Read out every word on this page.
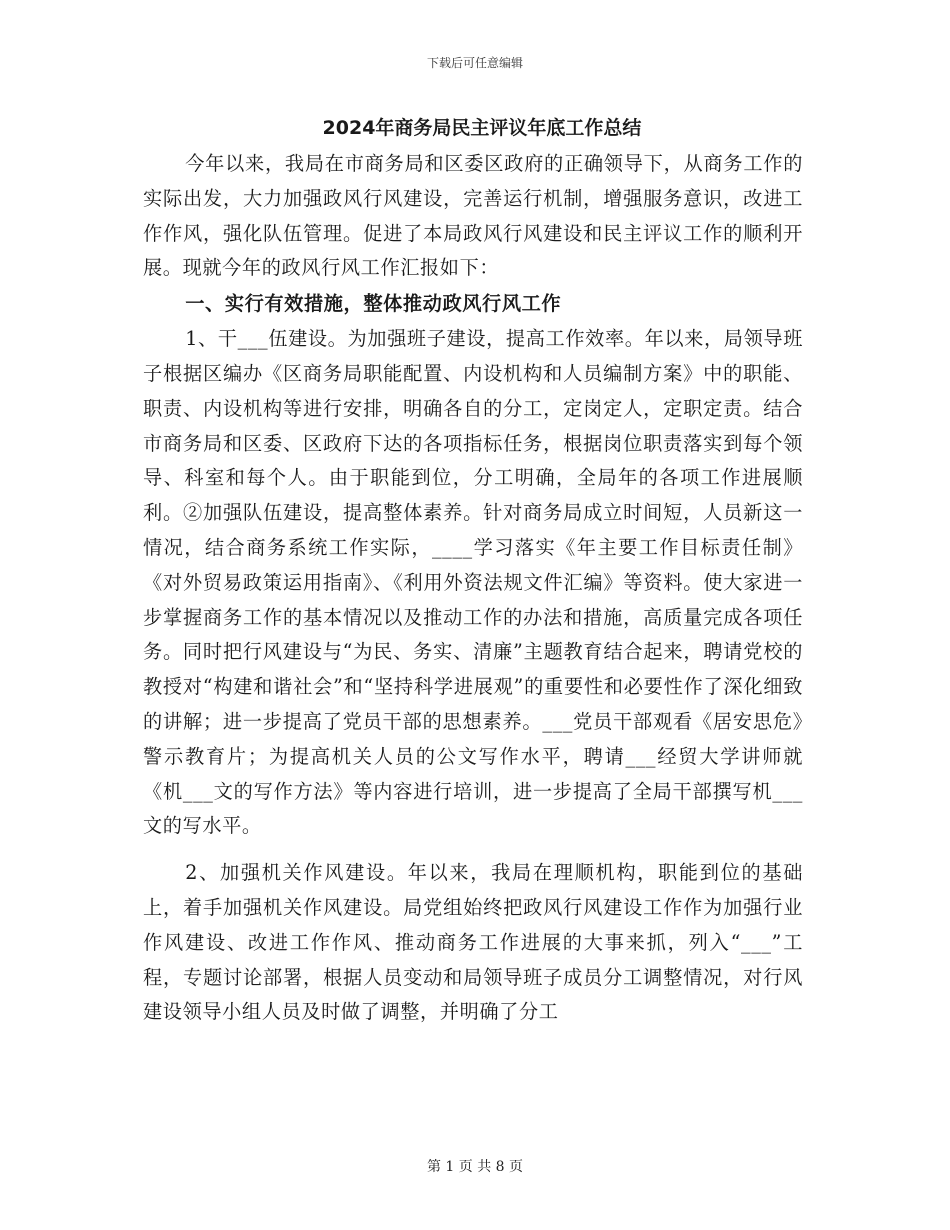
下载后可任意编辑
2024年商务局民主评议年底工作总结

今年以来，我局在市商务局和区委区政府的正确领导下，从商务工作的实际出发，大力加强政风行风建设，完善运行机制，增强服务意识，改进工作作风，强化队伍管理。促进了本局政风行风建设和民主评议工作的顺利开展。现就今年的政风行风工作汇报如下：

一、实行有效措施，整体推动政风行风工作

1、干___伍建设。为加强班子建设，提高工作效率。年以来，局领导班子根据区编办《区商务局职能配置、内设机构和人员编制方案》中的职能、职责、内设机构等进行安排，明确各自的分工，定岗定人，定职定责。结合市商务局和区委、区政府下达的各项指标任务，根据岗位职责落实到每个领导、科室和每个人。由于职能到位，分工明确，全局年的各项工作进展顺利。②加强队伍建设，提高整体素养。针对商务局成立时间短，人员新这一情况，结合商务系统工作实际，____学习落实《年主要工作目标责任制》《对外贸易政策运用指南》、《利用外资法规文件汇编》等资料。使大家进一步掌握商务工作的基本情况以及推动工作的办法和措施，高质量完成各项任务。同时把行风建设与“为民、务实、清廉”主题教育结合起来，聘请党校的教授对“构建和谐社会”和“坚持科学进展观”的重要性和必要性作了深化细致的讲解；进一步提高了党员干部的思想素养。___党员干部观看《居安思危》警示教育片；为提高机关人员的公文写作水平，聘请___经贸大学讲师就《机___文的写作方法》等内容进行培训，进一步提高了全局干部撰写机___文的写水平。

2、加强机关作风建设。年以来，我局在理顺机构，职能到位的基础上，着手加强机关作风建设。局党组始终把政风行风建设工作作为加强行业作风建设、改进工作作风、推动商务工作进展的大事来抓，列入“___”工程，专题讨论部署，根据人员变动和局领导班子成员分工调整情况，对行风建设领导小组人员及时做了调整，并明确了分工

第 1 页 共 8 页
